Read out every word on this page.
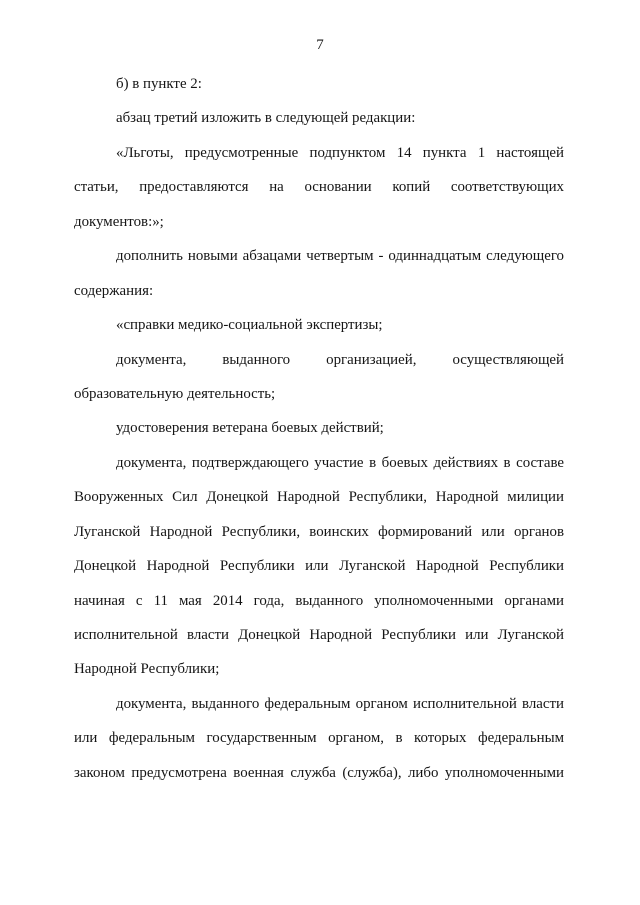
7
б) в пункте 2:
абзац третий изложить в следующей редакции:
«Льготы, предусмотренные подпунктом 14 пункта 1 настоящей
статьи, предоставляются на основании копий соответствующих
документов:»;
дополнить новыми абзацами четвертым - одиннадцатым следующего
содержания:
«справки медико-социальной экспертизы;
документа, выданного организацией, осуществляющей
образовательную деятельность;
удостоверения ветерана боевых действий;
документа, подтверждающего участие в боевых действиях в составе
Вооруженных Сил Донецкой Народной Республики, Народной милиции
Луганской Народной Республики, воинских формирований или органов
Донецкой Народной Республики или Луганской Народной Республики
начиная с 11 мая 2014 года, выданного уполномоченными органами
исполнительной власти Донецкой Народной Республики или Луганской
Народной Республики;
документа, выданного федеральным органом исполнительной власти
или федеральным государственным органом, в которых федеральным
законом предусмотрена военная служба (служба), либо уполномоченными
